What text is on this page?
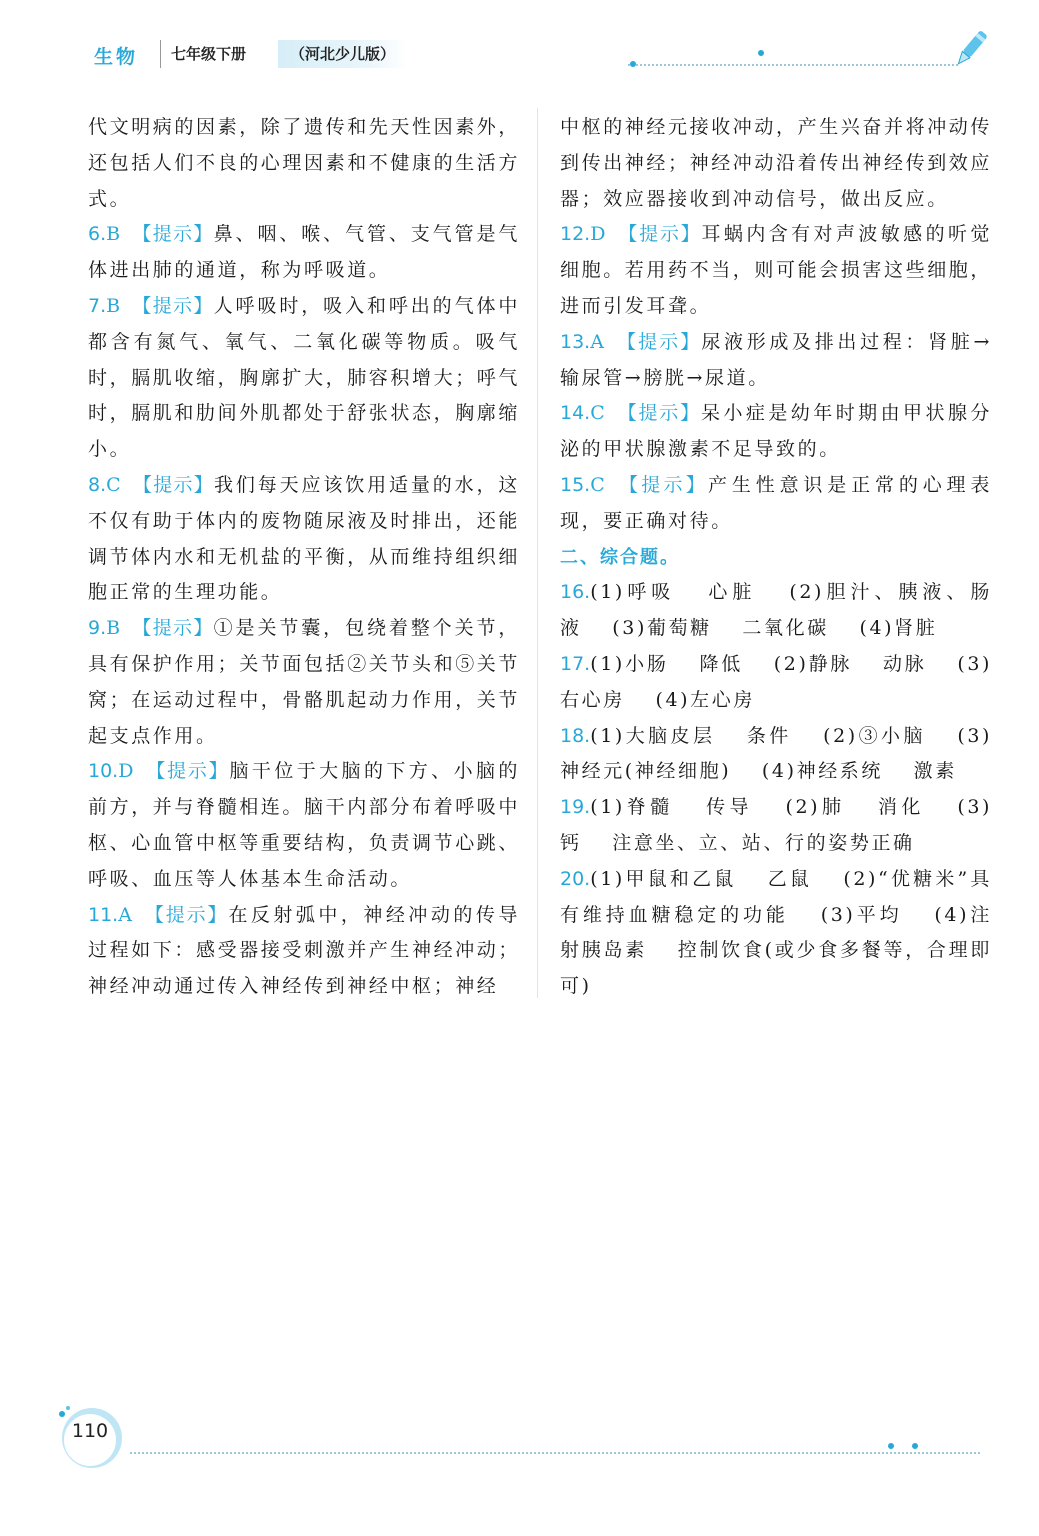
生物	七年级下册	（河北少儿版）

代文明病的因素，除了遗传和先天性因素外，还包括人们不良的心理因素和不健康的生活方式。

6.B 【提示】鼻、咽、喉、气管、支气管是气体进出肺的通道，称为呼吸道。

7.B 【提示】人呼吸时，吸入和呼出的气体中都含有氮气、氧气、二氧化碳等物质。吸气时，膈肌收缩，胸廓扩大，肺容积增大；呼气时，膈肌和肋间外肌都处于舒张状态，胸廓缩小。

8.C 【提示】我们每天应该饮用适量的水，这不仅有助于体内的废物随尿液及时排出，还能调节体内水和无机盐的平衡，从而维持组织细胞正常的生理功能。

9.B 【提示】①是关节囊，包绕着整个关节，具有保护作用；关节面包括②关节头和⑤关节窝；在运动过程中，骨骼肌起动力作用，关节起支点作用。

10.D 【提示】脑干位于大脑的下方、小脑的前方，并与脊髓相连。脑干内部分布着呼吸中枢、心血管中枢等重要结构，负责调节心跳、呼吸、血压等人体基本生命活动。

11.A 【提示】在反射弧中，神经冲动的传导过程如下：感受器接受刺激并产生神经冲动；神经冲动通过传入神经传到神经中枢；神经

中枢的神经元接收冲动，产生兴奋并将冲动传到传出神经；神经冲动沿着传出神经传到效应器；效应器接收到冲动信号，做出反应。

12.D 【提示】耳蜗内含有对声波敏感的听觉细胞。若用药不当，则可能会损害这些细胞，进而引发耳聋。

13.A 【提示】尿液形成及排出过程：肾脏→输尿管→膀胱→尿道。

14.C 【提示】呆小症是幼年时期由甲状腺分泌的甲状腺激素不足导致的。

15.C 【提示】产生性意识是正常的心理表现，要正确对待。

二、综合题。

16.(1)呼吸 心脏 (2)胆汁、胰液、肠液 (3)葡萄糖 二氧化碳 (4)肾脏

17.(1)小肠 降低 (2)静脉 动脉 (3)右心房 (4)左心房

18.(1)大脑皮层 条件 (2)③小脑 (3)神经元(神经细胞) (4)神经系统 激素

19.(1)脊髓 传导 (2)肺 消化 (3)钙 注意坐、立、站、行的姿势正确

20.(1)甲鼠和乙鼠 乙鼠 (2)“优糖米”具有维持血糖稳定的功能 (3)平均 (4)注射胰岛素 控制饮食(或少食多餐等，合理即可)

110
